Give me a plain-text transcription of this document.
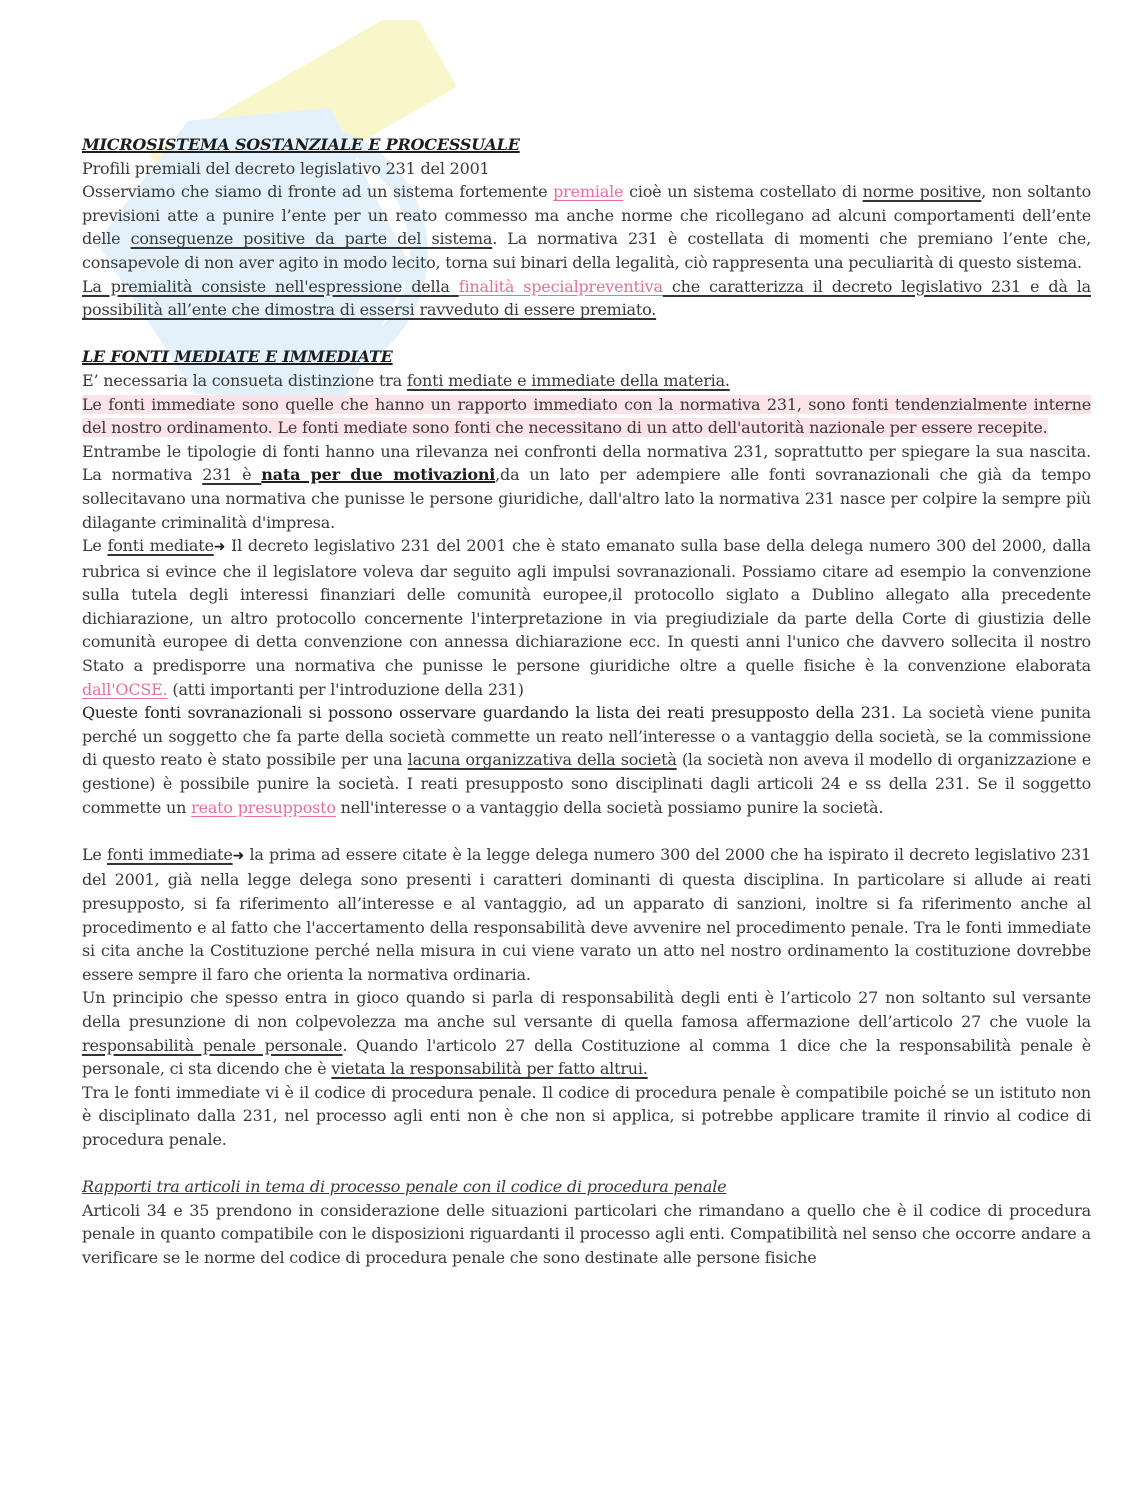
MICROSISTEMA SOSTANZIALE E PROCESSUALE

Profili premiali del decreto legislativo 231 del 2001

Osserviamo che siamo di fronte ad un sistema fortemente premiale cioè un sistema costellato di norme positive, non soltanto previsioni atte a punire l’ente per un reato commesso ma anche norme che ricollegano ad alcuni comportamenti dell’ente delle conseguenze positive da parte del sistema. La normativa 231 è costellata di momenti che premiano l’ente che, consapevole di non aver agito in modo lecito, torna sui binari della legalità, ciò rappresenta una peculiarità di questo sistema.

La premialità consiste nell'espressione della finalità specialpreventiva che caratterizza il decreto legislativo 231 e dà la possibilità all’ente che dimostra di essersi ravveduto di essere premiato.

LE FONTI MEDIATE E IMMEDIATE

E’ necessaria la consueta distinzione tra fonti mediate e immediate della materia.

Le fonti immediate sono quelle che hanno un rapporto immediato con la normativa 231, sono fonti tendenzialmente interne del nostro ordinamento. Le fonti mediate sono fonti che necessitano di un atto dell'autorità nazionale per essere recepite.

Entrambe le tipologie di fonti hanno una rilevanza nei confronti della normativa 231, soprattutto per spiegare la sua nascita. La normativa 231 è nata per due motivazioni,da un lato per adempiere alle fonti sovranazionali che già da tempo sollecitavano una normativa che punisse le persone giuridiche, dall'altro lato la normativa 231 nasce per colpire la sempre più dilagante criminalità d'impresa.

Le fonti mediate➜ Il decreto legislativo 231 del 2001 che è stato emanato sulla base della delega numero 300 del 2000, dalla rubrica si evince che il legislatore voleva dar seguito agli impulsi sovranazionali. Possiamo citare ad esempio la convenzione sulla tutela degli interessi finanziari delle comunità europee,il protocollo siglato a Dublino allegato alla precedente dichiarazione, un altro protocollo concernente l'interpretazione in via pregiudiziale da parte della Corte di giustizia delle comunità europee di detta convenzione con annessa dichiarazione ecc. In questi anni l'unico che davvero sollecita il nostro Stato a predisporre una normativa che punisse le persone giuridiche oltre a quelle fisiche è la convenzione elaborata dall'OCSE. (atti importanti per l'introduzione della 231)

Queste fonti sovranazionali si possono osservare guardando la lista dei reati presupposto della 231. La società viene punita perché un soggetto che fa parte della società commette un reato nell’interesse o a vantaggio della società, se la commissione di questo reato è stato possibile per una lacuna organizzativa della società (la società non aveva il modello di organizzazione e gestione) è possibile punire la società. I reati presupposto sono disciplinati dagli articoli 24 e ss della 231. Se il soggetto commette un reato presupposto nell'interesse o a vantaggio della società possiamo punire la società.

Le fonti immediate➜ la prima ad essere citate è la legge delega numero 300 del 2000 che ha ispirato il decreto legislativo 231 del 2001, già nella legge delega sono presenti i caratteri dominanti di questa disciplina. In particolare si allude ai reati presupposto, si fa riferimento all’interesse e al vantaggio, ad un apparato di sanzioni, inoltre si fa riferimento anche al procedimento e al fatto che l'accertamento della responsabilità deve avvenire nel procedimento penale. Tra le fonti immediate si cita anche la Costituzione perché nella misura in cui viene varato un atto nel nostro ordinamento la costituzione dovrebbe essere sempre il faro che orienta la normativa ordinaria.

Un principio che spesso entra in gioco quando si parla di responsabilità degli enti è l’articolo 27 non soltanto sul versante della presunzione di non colpevolezza ma anche sul versante di quella famosa affermazione dell’articolo 27 che vuole la responsabilità penale personale. Quando l'articolo 27 della Costituzione al comma 1 dice che la responsabilità penale è personale, ci sta dicendo che è vietata la responsabilità per fatto altrui.

Tra le fonti immediate vi è il codice di procedura penale. Il codice di procedura penale è compatibile poiché se un istituto non è disciplinato dalla 231, nel processo agli enti non è che non si applica, si potrebbe applicare tramite il rinvio al codice di procedura penale.

Rapporti tra articoli in tema di processo penale con il codice di procedura penale

Articoli 34 e 35 prendono in considerazione delle situazioni particolari che rimandano a quello che è il codice di procedura penale in quanto compatibile con le disposizioni riguardanti il processo agli enti. Compatibilità nel senso che occorre andare a verificare se le norme del codice di procedura penale che sono destinate alle persone fisiche
